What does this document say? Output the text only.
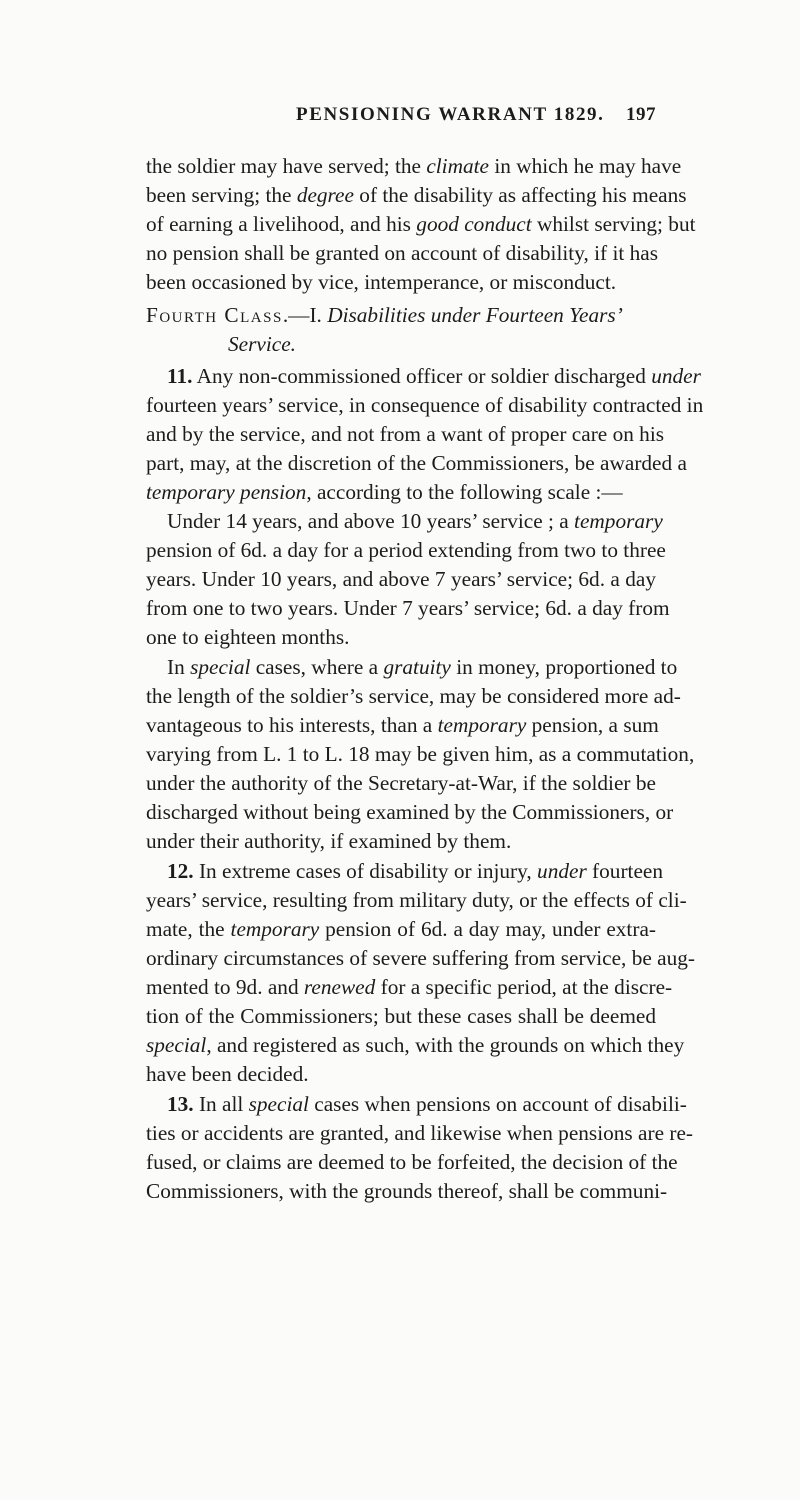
PENSIONING WARRANT 1829. 197
the soldier may have served; the climate in which he may have
been serving; the degree of the disability as affecting his means
of earning a livelihood, and his good conduct whilst serving; but
no pension shall be granted on account of disability, if it has
been occasioned by vice, intemperance, or misconduct.
Fourth Class.—I. Disabilities under Fourteen Years’
Service.
11. Any non-commissioned officer or soldier discharged under
fourteen years’ service, in consequence of disability contracted in
and by the service, and not from a want of proper care on his
part, may, at the discretion of the Commissioners, be awarded a
temporary pension, according to the following scale :—
Under 14 years, and above 10 years’ service ; a temporary
pension of 6d. a day for a period extending from two to three
years. Under 10 years, and above 7 years’ service; 6d. a day
from one to two years. Under 7 years’ service; 6d. a day from
one to eighteen months.
In special cases, where a gratuity in money, proportioned to
the length of the soldier’s service, may be considered more ad-
vantageous to his interests, than a temporary pension, a sum
varying from L. 1 to L. 18 may be given him, as a commutation,
under the authority of the Secretary-at-War, if the soldier be
discharged without being examined by the Commissioners, or
under their authority, if examined by them.
12. In extreme cases of disability or injury, under fourteen
years’ service, resulting from military duty, or the effects of cli-
mate, the temporary pension of 6d. a day may, under extra-
ordinary circumstances of severe suffering from service, be aug-
mented to 9d. and renewed for a specific period, at the discre-
tion of the Commissioners; but these cases shall be deemed
special, and registered as such, with the grounds on which they
have been decided.
13. In all special cases when pensions on account of disabili-
ties or accidents are granted, and likewise when pensions are re-
fused, or claims are deemed to be forfeited, the decision of the
Commissioners, with the grounds thereof, shall be communi-
